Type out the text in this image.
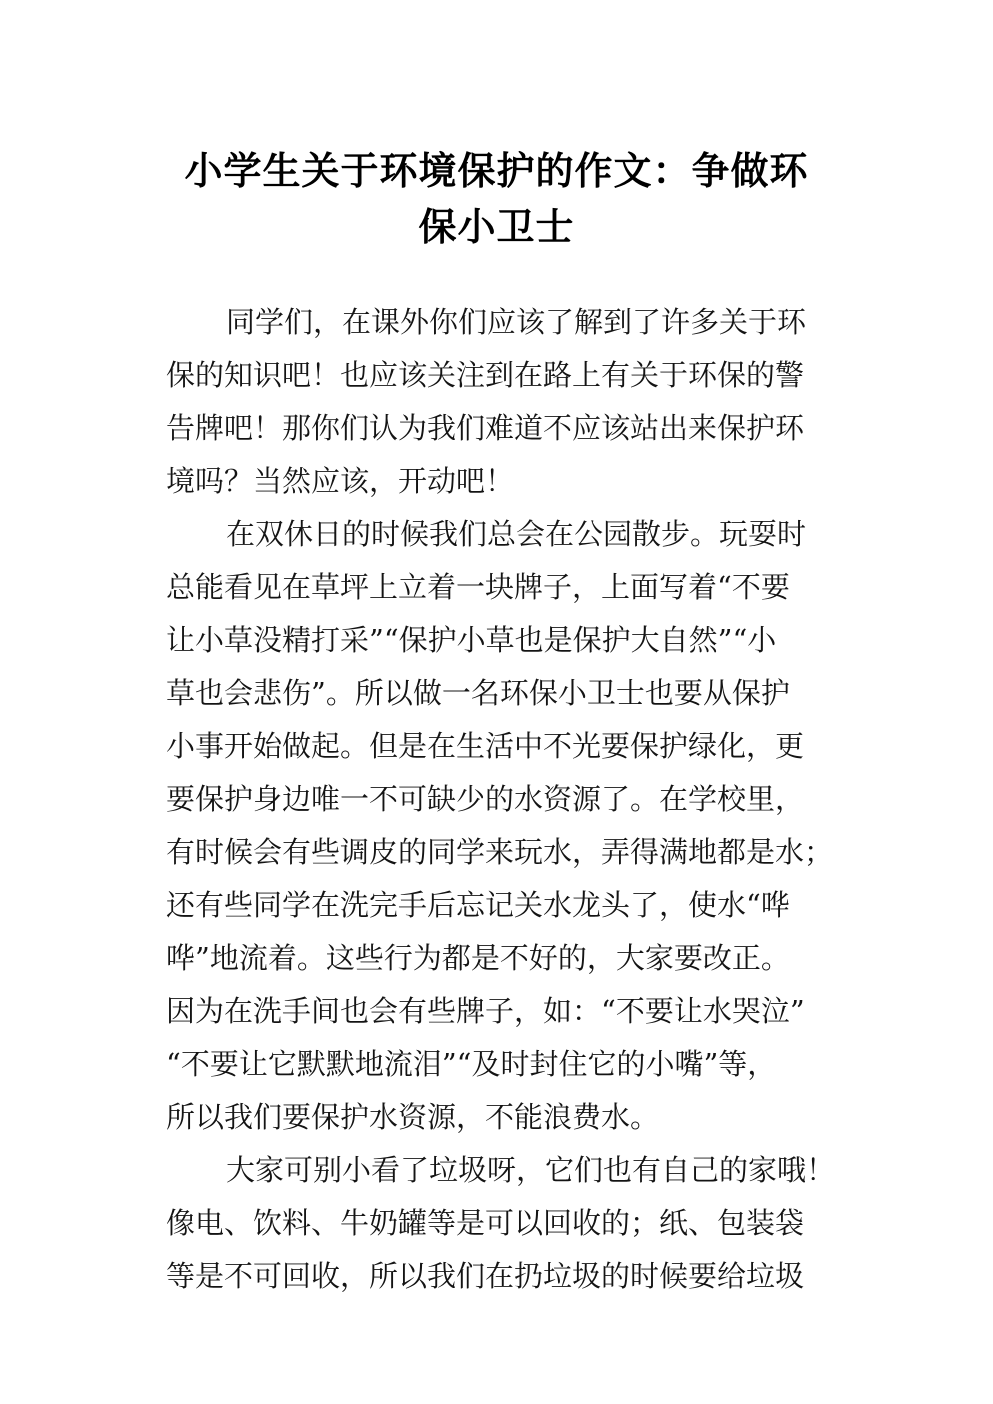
小学生关于环境保护的作文：争做环
保小卫士
同学们，在课外你们应该了解到了许多关于环
保的知识吧！也应该关注到在路上有关于环保的警
告牌吧！那你们认为我们难道不应该站出来保护环
境吗？当然应该，开动吧！
在双休日的时候我们总会在公园散步。玩耍时
总能看见在草坪上立着一块牌子，上面写着“不要
让小草没精打采”“保护小草也是保护大自然”“小
草也会悲伤”。所以做一名环保小卫士也要从保护
小事开始做起。但是在生活中不光要保护绿化，更
要保护身边唯一不可缺少的水资源了。在学校里，
有时候会有些调皮的同学来玩水，弄得满地都是水；
还有些同学在洗完手后忘记关水龙头了，使水“哗
哗”地流着。这些行为都是不好的，大家要改正。
因为在洗手间也会有些牌子，如：“不要让水哭泣”
“不要让它默默地流泪”“及时封住它的小嘴”等，
所以我们要保护水资源，不能浪费水。
大家可别小看了垃圾呀，它们也有自己的家哦！
像电、饮料、牛奶罐等是可以回收的；纸、包装袋
等是不可回收，所以我们在扔垃圾的时候要给垃圾
